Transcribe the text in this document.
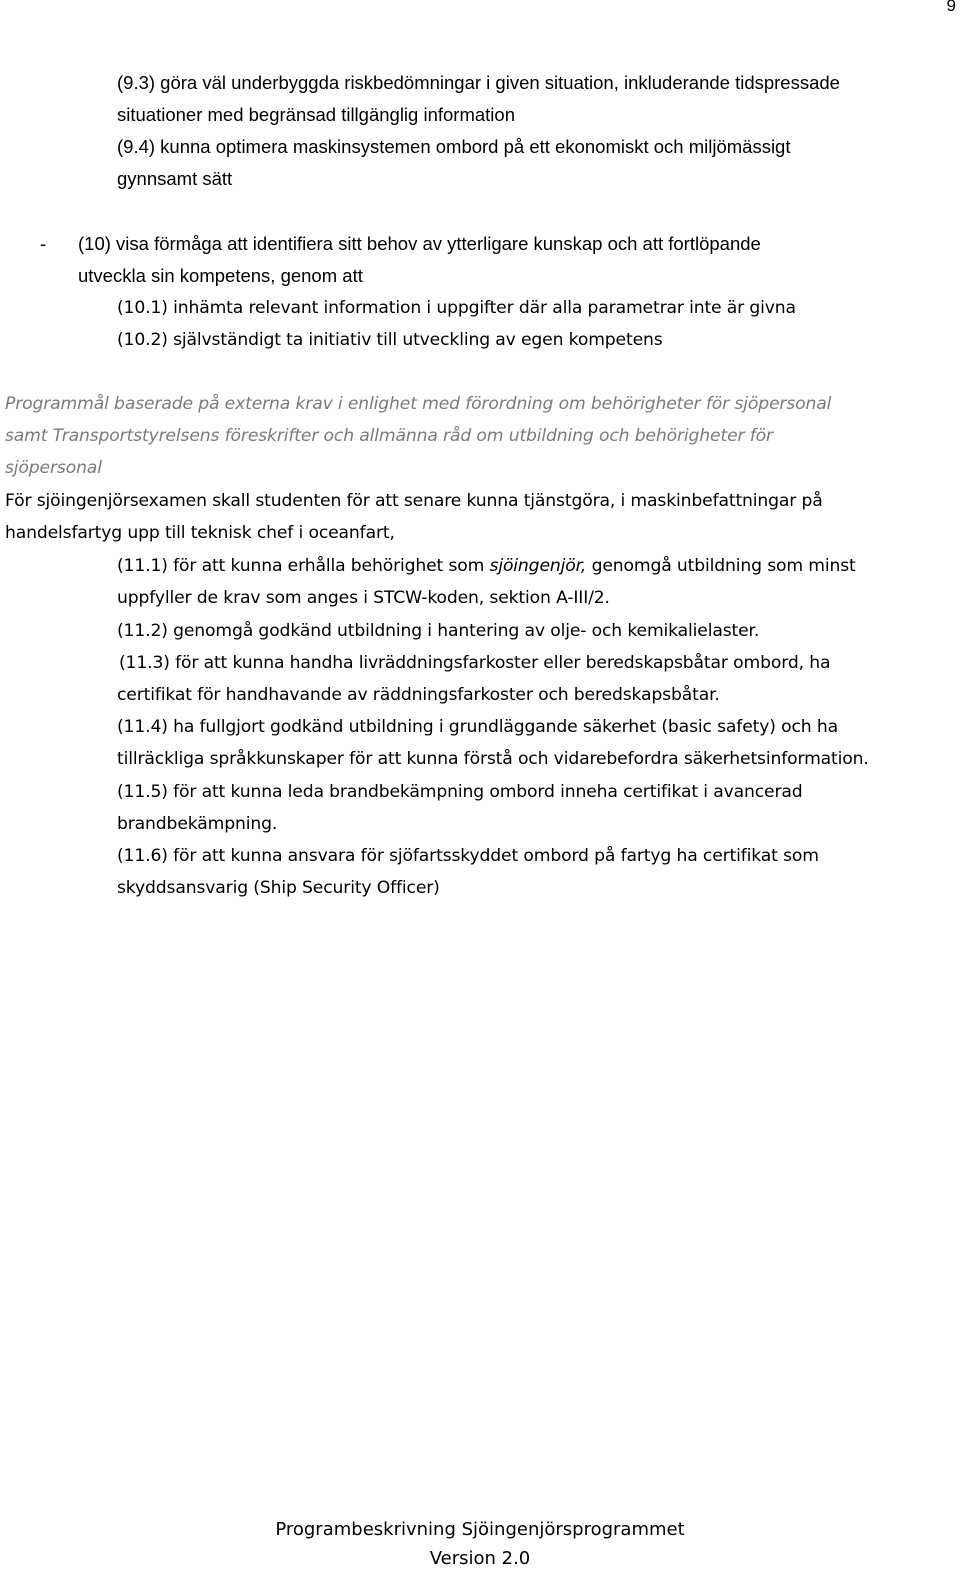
9
(9.3) göra väl underbyggda riskbedömningar i given situation, inkluderande tidspressade
situationer med begränsad tillgänglig information
(9.4) kunna optimera maskinsystemen ombord på ett ekonomiskt och miljömässigt
gynnsamt sätt
- (10) visa förmåga att identifiera sitt behov av ytterligare kunskap och att fortlöpande
utveckla sin kompetens, genom att
(10.1) inhämta relevant information i uppgifter där alla parametrar inte är givna
(10.2) självständigt ta initiativ till utveckling av egen kompetens
Programmål baserade på externa krav i enlighet med förordning om behörigheter för sjöpersonal
samt Transportstyrelsens föreskrifter och allmänna råd om utbildning och behörigheter för
sjöpersonal
För sjöingenjörsexamen skall studenten för att senare kunna tjänstgöra, i maskinbefattningar på
handelsfartyg upp till teknisk chef i oceanfart,
(11.1) för att kunna erhålla behörighet som sjöingenjör, genomgå utbildning som minst
uppfyller de krav som anges i STCW-koden, sektion A-III/2.
(11.2) genomgå godkänd utbildning i hantering av olje- och kemikalielaster.
(11.3) för att kunna handha livräddningsfarkoster eller beredskapsbåtar ombord, ha
certifikat för handhavande av räddningsfarkoster och beredskapsbåtar.
(11.4) ha fullgjort godkänd utbildning i grundläggande säkerhet (basic safety) och ha
tillräckliga språkkunskaper för att kunna förstå och vidarebefordra säkerhetsinformation.
(11.5) för att kunna leda brandbekämpning ombord inneha certifikat i avancerad
brandbekämpning.
(11.6) för att kunna ansvara för sjöfartsskyddet ombord på fartyg ha certifikat som
skyddsansvarig (Ship Security Officer)
Programbeskrivning Sjöingenjörsprogrammet
Version 2.0
